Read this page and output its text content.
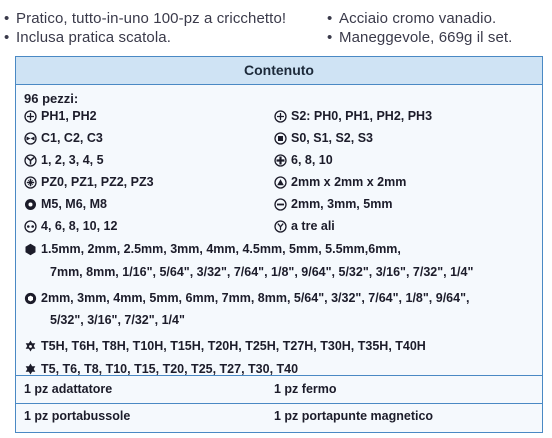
• Pratico, tutto-in-uno 100-pz a cricchetto!
• Inclusa pratica scatola.
• Acciaio cromo vanadio.
• Maneggevole, 669g il set.
Contenuto
96 pezzi:
PH1, PH2
C1, C2, C3
1, 2, 3, 4, 5
PZ0, PZ1, PZ2, PZ3
M5, M6, M8
4, 6, 8, 10, 12
S2: PH0, PH1, PH2, PH3
S0, S1, S2, S3
6, 8, 10
2mm x 2mm x 2mm
2mm, 3mm, 5mm
a tre ali
1.5mm, 2mm, 2.5mm, 3mm, 4mm, 4.5mm, 5mm, 5.5mm,6mm,
7mm, 8mm, 1/16", 5/64", 3/32", 7/64", 1/8", 9/64", 5/32", 3/16", 7/32", 1/4"
2mm, 3mm, 4mm, 5mm, 6mm, 7mm, 8mm, 5/64", 3/32", 7/64", 1/8", 9/64",
5/32", 3/16", 7/32", 1/4"
T5H, T6H, T8H, T10H, T15H, T20H, T25H, T27H, T30H, T35H, T40H
T5, T6, T8, T10, T15, T20, T25, T27, T30, T40
1 pz adattatore	1 pz fermo
1 pz portabussole	1 pz portapunte magnetico
